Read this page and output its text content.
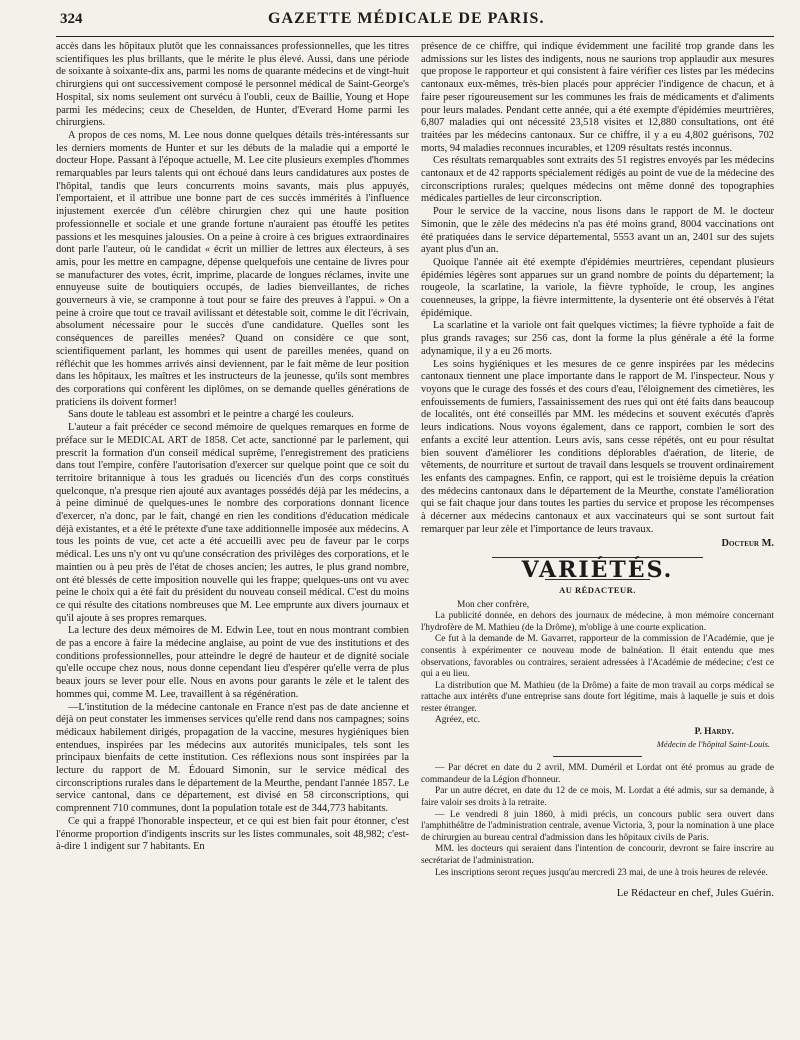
324	GAZETTE MÉDICALE DE PARIS.

accès dans les hôpitaux plutôt que les connaissances professionnelles, que les titres scientifiques les plus brillants, que le mérite le plus élevé. Aussi, dans une période de soixante à soixante-dix ans, parmi les noms de quarante médecins et de vingt-huit chirurgiens qui ont successivement composé le personnel médical de Saint-George's Hospital, six noms seulement ont survécu à l'oubli, ceux de Baillie, Young et Hope parmi les médecins; ceux de Cheselden, de Hunter, d'Everard Home parmi les chirurgiens.

A propos de ces noms, M. Lee nous donne quelques détails très-intéressants sur les derniers moments de Hunter et sur les débuts de la maladie qui a emporté le docteur Hope. Passant à l'époque actuelle, M. Lee cite plusieurs exemples d'hommes remarquables par leurs talents qui ont échoué dans leurs candidatures aux postes de l'hôpital, tandis que leurs concurrents moins savants, mais plus appuyés, l'emportaient, et il attribue une bonne part de ces succès immérités à l'influence injustement exercée d'un célèbre chirurgien chez qui une haute position professionnelle et sociale et une grande fortune n'auraient pas étouffé les petites passions et les mesquines jalousies. On a peine à croire à ces brigues extraordinaires dont parle l'auteur, où le candidat « écrit un millier de lettres aux électeurs, à ses amis, pour les mettre en campagne, dépense quelquefois une centaine de livres pour se manufacturer des votes, écrit, imprime, placarde de longues réclames, invite une ennuyeuse suite de boutiquiers occupés, de ladies bienveillantes, de riches gouverneurs à vie, se cramponne à tout pour se faire des preuves à l'appui. » On a peine à croire que tout ce travail avilissant et détestable soit, comme le dit l'écrivain, absolument nécessaire pour le succès d'une candidature. Quelles sont les conséquences de pareilles menées? Quand on considère ce que sont, scientifiquement parlant, les hommes qui usent de pareilles menées, quand on réfléchit que les hommes arrivés ainsi deviennent, par le fait même de leur position dans les hôpitaux, les maîtres et les instructeurs de la jeunesse, qu'ils sont membres des corporations qui confèrent les diplômes, on se demande quelles générations de praticiens ils doivent former!

Sans doute le tableau est assombri et le peintre a chargé les couleurs.

L'auteur a fait précéder ce second mémoire de quelques remarques en forme de préface sur le MEDICAL ART de 1858. Cet acte, sanctionné par le parlement, qui prescrit la formation d'un conseil médical suprême, l'enregistrement des praticiens dans tout l'empire, confère l'autorisation d'exercer sur quelque point que ce soit du territoire britannique à tous les gradués ou licenciés d'un des corps constitués quelconque, n'a presque rien ajouté aux avantages possédés déjà par les médecins, a à peine diminué de quelques-unes le nombre des corporations donnant licence d'exercer, n'a donc, par le fait, changé en rien les conditions d'éducation médicale déjà existantes, et a été le prétexte d'une taxe additionnelle imposée aux médecins. A tous les points de vue, cet acte a été accueilli avec peu de faveur par le corps médical. Les uns n'y ont vu qu'une consécration des privilèges des corporations, et le maintien ou à peu près de l'état de choses ancien; les autres, le plus grand nombre, ont été blessés de cette imposition nouvelle qui les frappe; quelques-uns ont vu avec peine le choix qui a été fait du président du nouveau conseil médical. C'est du moins ce qui résulte des citations nombreuses que M. Lee emprunte aux divers journaux et qu'il ajoute à ses propres remarques.

La lecture des deux mémoires de M. Edwin Lee, tout en nous montrant combien de pas a encore à faire la médecine anglaise, au point de vue des institutions et des conditions professionnelles, pour atteindre le degré de hauteur et de dignité sociale qu'elle occupe chez nous, nous donne cependant lieu d'espérer qu'elle verra de plus beaux jours se lever pour elle. Nous en avons pour garants le zèle et le talent des hommes qui, comme M. Lee, travaillent à sa régénération.

—L'institution de la médecine cantonale en France n'est pas de date ancienne et déjà on peut constater les immenses services qu'elle rend dans nos campagnes; soins médicaux habilement dirigés, propagation de la vaccine, mesures hygiéniques bien entendues, inspirées par les médecins aux autorités municipales, tels sont les principaux bienfaits de cette institution. Ces réflexions nous sont inspirées par la lecture du rapport de M. Édouard Simonin, sur le service médical des circonscriptions rurales dans le département de la Meurthe, pendant l'année 1857. Le service cantonal, dans ce département, est divisé en 58 circonscriptions, qui comprennent 710 communes, dont la population totale est de 344,773 habitants.

Ce qui a frappé l'honorable inspecteur, et ce qui est bien fait pour étonner, c'est l'énorme proportion d'indigents inscrits sur les listes communales, soit 48,982; c'est-à-dire 1 indigent sur 7 habitants. En

présence de ce chiffre, qui indique évidemment une facilité trop grande dans les admissions sur les listes des indigents, nous ne saurions trop applaudir aux mesures que propose le rapporteur et qui consistent à faire vérifier ces listes par les médecins cantonaux eux-mêmes, très-bien placés pour apprécier l'indigence de chacun, et à faire peser rigoureusement sur les communes les frais de médicaments et d'aliments pour leurs malades. Pendant cette année, qui a été exempte d'épidémies meurtrières, 6,807 maladies qui ont nécessité 23,518 visites et 12,880 consultations, ont été traitées par les médecins cantonaux. Sur ce chiffre, il y a eu 4,802 guérisons, 702 morts, 94 maladies reconnues incurables, et 1209 résultats restés inconnus.

Ces résultats remarquables sont extraits des 51 registres envoyés par les médecins cantonaux et de 42 rapports spécialement rédigés au point de vue de la médecine des circonscriptions rurales; quelques médecins ont même donné des topographies médicales partielles de leur circonscription.

Pour le service de la vaccine, nous lisons dans le rapport de M. le docteur Simonin, que le zèle des médecins n'a pas été moins grand, 8004 vaccinations ont été pratiquées dans le service départemental, 5553 avant un an, 2401 sur des sujets ayant plus d'un an.

Quoique l'année ait été exempte d'épidémies meurtrières, cependant plusieurs épidémies légères sont apparues sur un grand nombre de points du département; la rougeole, la scarlatine, la variole, la fièvre typhoïde, le croup, les angines couenneuses, la grippe, la fièvre intermittente, la dysenterie ont été observés à l'état épidémique.

La scarlatine et la variole ont fait quelques victimes; la fièvre typhoïde a fait de plus grands ravages; sur 256 cas, dont la forme la plus générale a été la forme adynamique, il y a eu 26 morts.

Les soins hygiéniques et les mesures de ce genre inspirées par les médecins cantonaux tiennent une place importante dans le rapport de M. l'inspecteur. Nous y voyons que le curage des fossés et des cours d'eau, l'éloignement des cimetières, les enfouissements de fumiers, l'assainissement des rues qui ont été faits dans beaucoup de localités, ont été conseillés par MM. les médecins et souvent exécutés d'après leurs indications. Nous voyons également, dans ce rapport, combien le sort des enfants a excité leur attention. Leurs avis, sans cesse répétés, ont eu pour résultat bien souvent d'améliorer les conditions déplorables d'aération, de literie, de vêtements, de nourriture et surtout de travail dans lesquels se trouvent ordinairement les enfants des campagnes. Enfin, ce rapport, qui est le troisième depuis la création des médecins cantonaux dans le département de la Meurthe, constate l'amélioration qui se fait chaque jour dans toutes les parties du service et propose les récompenses à décerner aux médecins cantonaux et aux vaccinateurs qui se sont surtout fait remarquer par leur zèle et l'importance de leurs travaux.

Docteur M.
VARIÉTÉS.
AU RÉDACTEUR.

Mon cher confrère,

La publicité donnée, en dehors des journaux de médecine, à mon mémoire concernant l'hydrofère de M. Mathieu (de la Drôme), m'oblige à une courte explication.

Ce fut à la demande de M. Gavarret, rapporteur de la commission de l'Académie, que je consentis à expérimenter ce nouveau mode de balnéation. Il était entendu que mes observations, favorables ou contraires, seraient adressées à l'Académie de médecine; c'est ce qui a eu lieu.

La distribution que M. Mathieu (de la Drôme) a faite de mon travail au corps médical se rattache aux intérêts d'une entreprise sans doute fort légitime, mais à laquelle je suis et dois rester étranger.

Agréez, etc.

P. Hardy.
Médecin de l'hôpital Saint-Louis.

— Par décret en date du 2 avril, MM. Duméril et Lordat ont été promus au grade de commandeur de la Légion d'honneur.

Par un autre décret, en date du 12 de ce mois, M. Lordat a été admis, sur sa demande, à faire valoir ses droits à la retraite.

— Le vendredi 8 juin 1860, à midi précis, un concours public sera ouvert dans l'amphithéâtre de l'administration centrale, avenue Victoria, 3, pour la nomination à une place de chirurgien au bureau central d'admission dans les hôpitaux civils de Paris.

MM. les docteurs qui seraient dans l'intention de concourir, devront se faire inscrire au secrétariat de l'administration.

Les inscriptions seront reçues jusqu'au mercredi 23 mai, de une à trois heures de relevée.

Le Rédacteur en chef, Jules Guérin.
